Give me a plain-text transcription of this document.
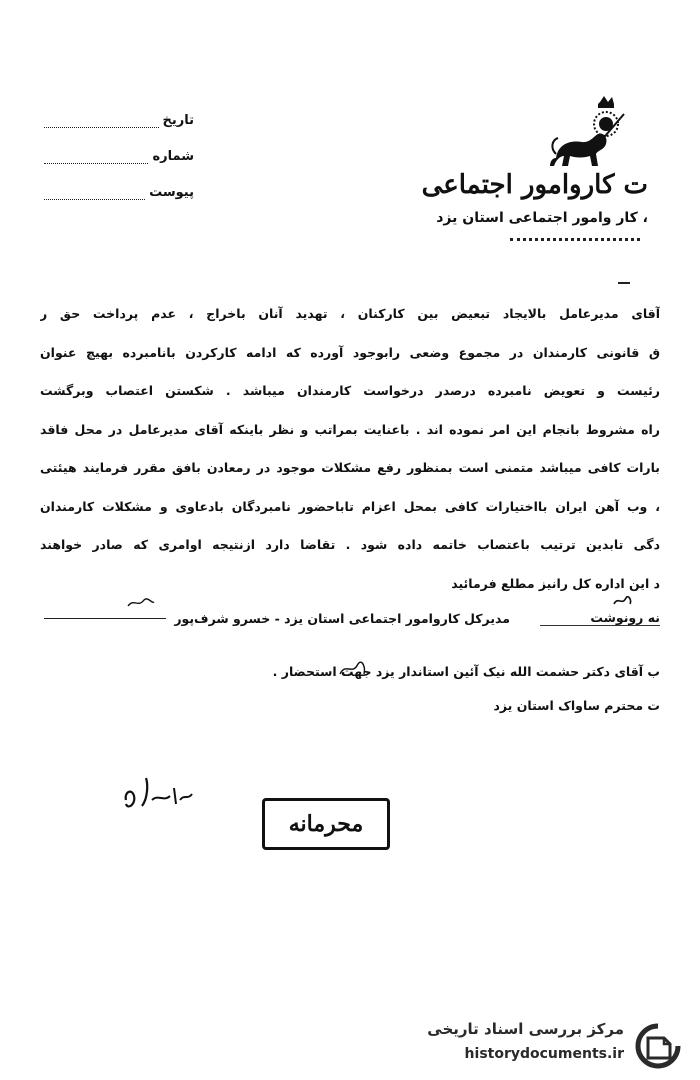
تاریخ
شماره
پیوست	ت کاروامور اجتماعی
، کار وامور اجتماعی استان یزد
آقای مدیرعامل بالایجاد تبعیض بین کارکنان ، تهدید آنان باخراج ، عدم پرداخت حق ر
ق قانونی کارمندان در مجموع وضعی رابوجود آورده که ادامه کارکردن بانامبرده بهیچ عنوان
رئیست و تعویض نامبرده درصدر درخواست کارمندان میباشد . شکستن اعتصاب وبرگشت
راه مشروط بانجام این امر نموده اند . باعنایت بمراتب و نظر باینکه آقای مدیرعامل در محل فاقد
بارات کافی میباشد متمنی است بمنظور رفع مشکلات موجود در رمعادن بافق مقرر فرمایند هیئتی
، وب آهن ایران بااختیارات کافی بمحل اعزام تاباحضور نامبردگان بادعاوی و مشکلات کارمندان
دگی تابدین ترتیب باعتصاب خاتمه داده شود . تقاضا دارد ازنتیجه اوامری که صادر خواهند
د این اداره کل رانیز مطلع فرمائید
نه رونوشت
مدیرکل کاروامور اجتماعی استان یزد - خسرو شرف‌پور
ب آقای دکتر حشمت الله نیک آئین استاندار یزد جهت استحضار .
ت محترم ساواک استان یزد
محرمانه
مرکز بررسی اسناد تاریخی
historydocuments.ir
